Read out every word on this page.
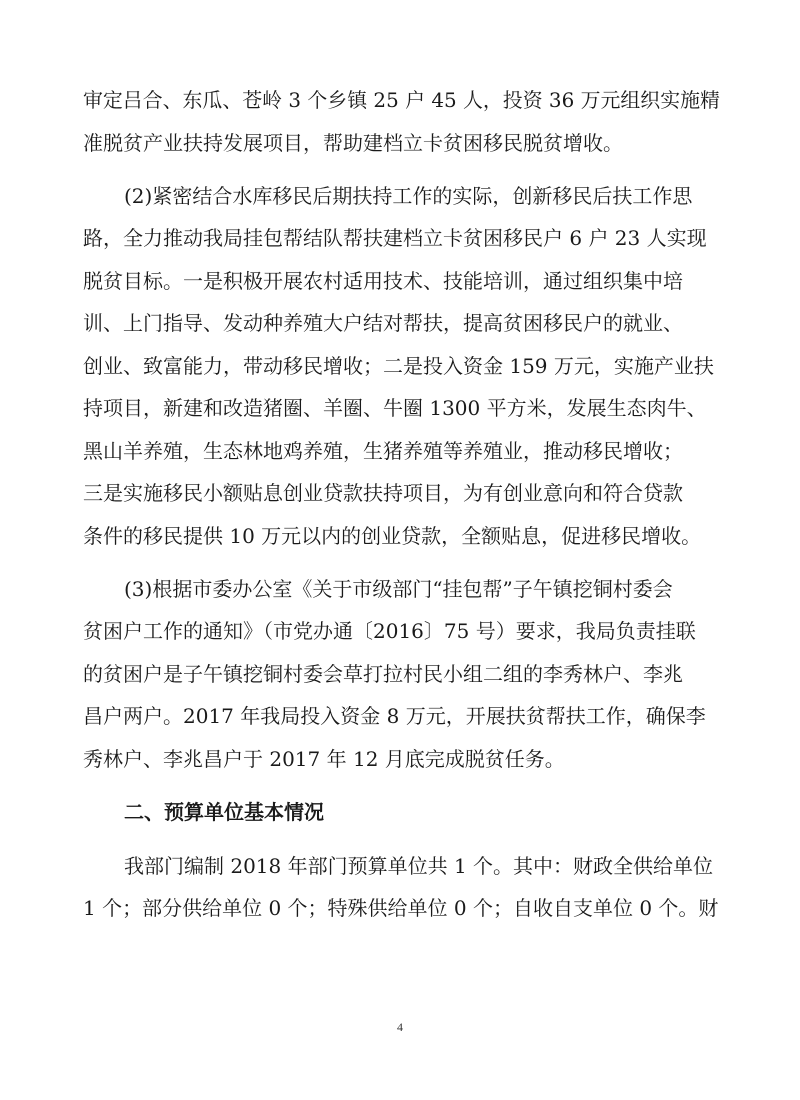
审定吕合、东瓜、苍岭 3 个乡镇 25 户 45 人，投资 36 万元组织实施精
准脱贫产业扶持发展项目，帮助建档立卡贫困移民脱贫增收。
(2)紧密结合水库移民后期扶持工作的实际，创新移民后扶工作思
路，全力推动我局挂包帮结队帮扶建档立卡贫困移民户 6 户 23 人实现
脱贫目标。一是积极开展农村适用技术、技能培训，通过组织集中培
训、上门指导、发动种养殖大户结对帮扶，提高贫困移民户的就业、
创业、致富能力，带动移民增收；二是投入资金 159 万元，实施产业扶
持项目，新建和改造猪圈、羊圈、牛圈 1300 平方米，发展生态肉牛、
黑山羊养殖，生态林地鸡养殖，生猪养殖等养殖业，推动移民增收；
三是实施移民小额贴息创业贷款扶持项目，为有创业意向和符合贷款
条件的移民提供 10 万元以内的创业贷款，全额贴息，促进移民增收。
(3)根据市委办公室《关于市级部门“挂包帮”子午镇挖铜村委会
贫困户工作的通知》（市党办通〔2016〕75 号）要求，我局负责挂联
的贫困户是子午镇挖铜村委会草打拉村民小组二组的李秀林户、李兆
昌户两户。2017 年我局投入资金 8 万元，开展扶贫帮扶工作，确保李
秀林户、李兆昌户于 2017 年 12 月底完成脱贫任务。
二、预算单位基本情况
我部门编制 2018 年部门预算单位共 1 个。其中：财政全供给单位
1 个；部分供给单位 0 个；特殊供给单位 0 个；自收自支单位 0 个。财
4
